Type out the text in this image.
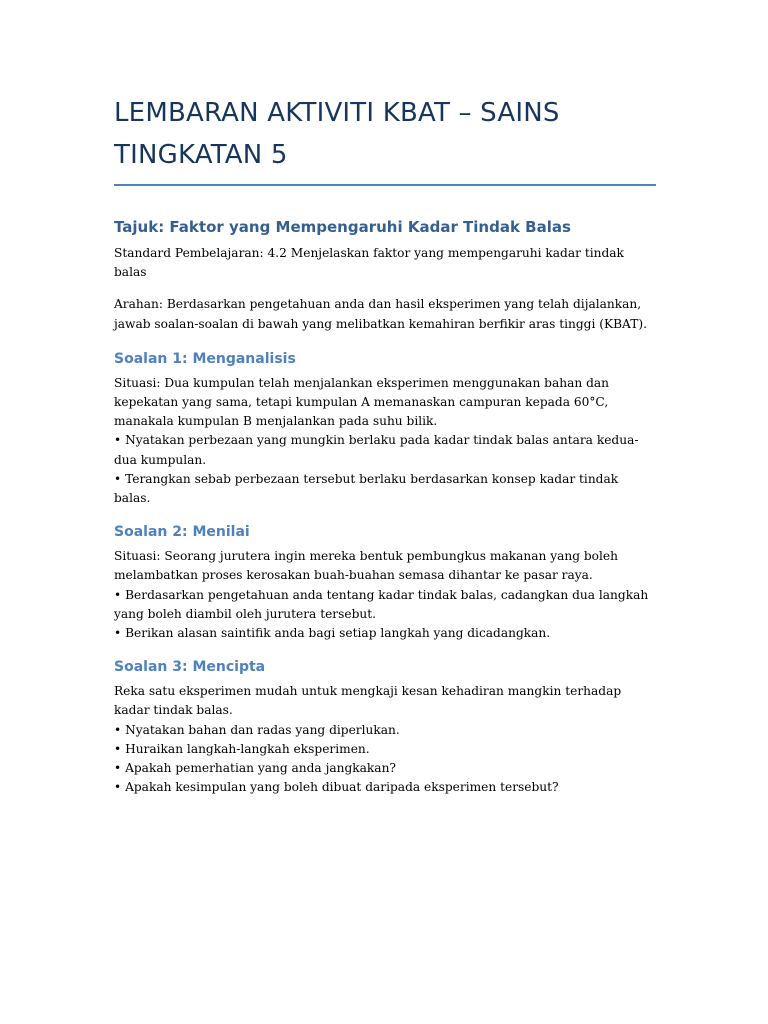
LEMBARAN AKTIVITI KBAT – SAINS TINGKATAN 5
Tajuk: Faktor yang Mempengaruhi Kadar Tindak Balas

Standard Pembelajaran: 4.2 Menjelaskan faktor yang mempengaruhi kadar tindak balas

Arahan: Berdasarkan pengetahuan anda dan hasil eksperimen yang telah dijalankan, jawab soalan-soalan di bawah yang melibatkan kemahiran berfikir aras tinggi (KBAT).

Soalan 1: Menganalisis

Situasi: Dua kumpulan telah menjalankan eksperimen menggunakan bahan dan kepekatan yang sama, tetapi kumpulan A memanaskan campuran kepada 60°C, manakala kumpulan B menjalankan pada suhu bilik.

• Nyatakan perbezaan yang mungkin berlaku pada kadar tindak balas antara kedua-dua kumpulan.
• Terangkan sebab perbezaan tersebut berlaku berdasarkan konsep kadar tindak balas.
Soalan 2: Menilai

Situasi: Seorang jurutera ingin mereka bentuk pembungkus makanan yang boleh melambatkan proses kerosakan buah-buahan semasa dihantar ke pasar raya.

• Berdasarkan pengetahuan anda tentang kadar tindak balas, cadangkan dua langkah yang boleh diambil oleh jurutera tersebut.
• Berikan alasan saintifik anda bagi setiap langkah yang dicadangkan.
Soalan 3: Mencipta

Reka satu eksperimen mudah untuk mengkaji kesan kehadiran mangkin terhadap kadar tindak balas.

• Nyatakan bahan dan radas yang diperlukan.
• Huraikan langkah-langkah eksperimen.
• Apakah pemerhatian yang anda jangkakan?
• Apakah kesimpulan yang boleh dibuat daripada eksperimen tersebut?
